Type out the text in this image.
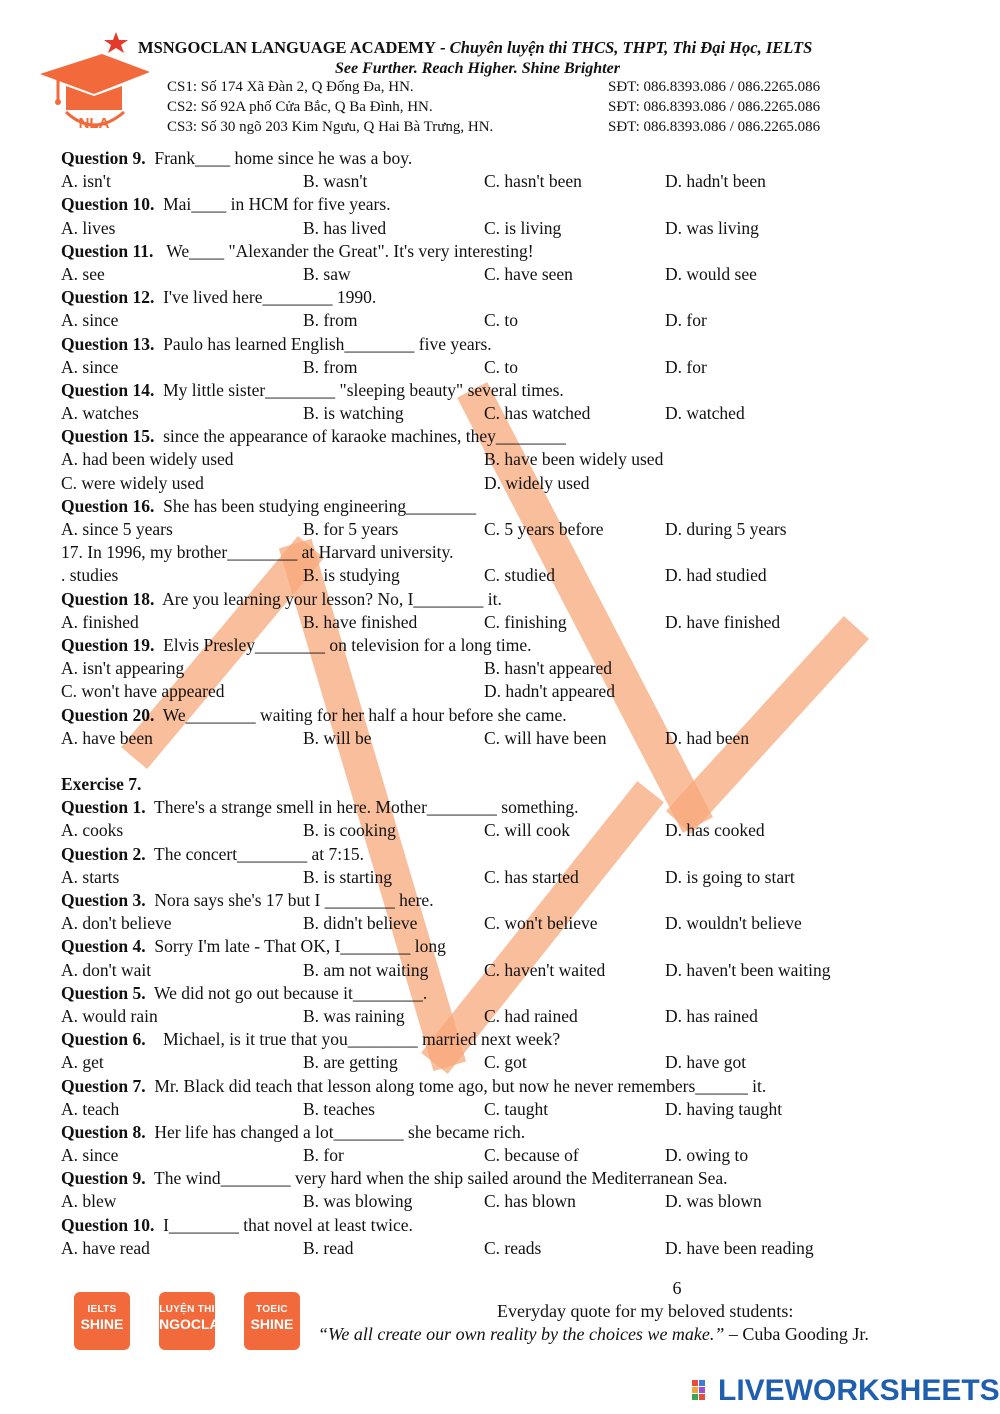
NLA
MSNGOCLAN LANGUAGE ACADEMY - Chuyên luyện thi THCS, THPT, Thi Đại Học, IELTS
See Further. Reach Higher. Shine Brighter
CS1: Số 174 Xã Đàn 2, Q Đống Đa, HN.	SĐT: 086.8393.086 / 086.2265.086
CS2: Số 92A phố Cửa Bắc, Q Ba Đình, HN.	SĐT: 086.8393.086 / 086.2265.086
CS3: Số 30 ngõ 203 Kim Ngưu, Q Hai Bà Trưng, HN.	SĐT: 086.8393.086 / 086.2265.086
Question 9. Frank____ home since he was a boy.
A. isn't	B. wasn't	C. hasn't been	D. hadn't been
Question 10. Mai____ in HCM for five years.
A. lives	B. has lived	C. is living	D. was living
Question 11.   We____ "Alexander the Great". It's very interesting!
A. see	B. saw	C. have seen	D. would see
Question 12. I've lived here________ 1990.
A. since	B. from	C. to	D. for
Question 13. Paulo has learned English________ five years.
A. since	B. from	C. to	D. for
Question 14. My little sister________ "sleeping beauty" several times.
A. watches	B. is watching	C. has watched	D. watched
Question 15. since the appearance of karaoke machines, they________
A. had been widely used	B. have been widely used
C. were widely used	D. widely used
Question 16. She has been studying engineering________
A. since 5 years	B. for 5 years	C. 5 years before	D. during 5 years
17. In 1996, my brother________ at Harvard university.
. studies	B. is studying	C. studied	D. had studied
Question 18. Are you learning your lesson? No, I________ it.
A. finished	B. have finished	C. finishing	D. have finished
Question 19. Elvis Presley________ on television for a long time.
A. isn't appearing	B. hasn't appeared
C. won't have appeared	D. hadn't appeared
Question 20. We________ waiting for her half a hour before she came.
A. have been	B. will be	C. will have been	D. had been
Exercise 7.
Question 1. There's a strange smell in here. Mother________ something.
A. cooks	B. is cooking	C. will cook	D. has cooked
Question 2. The concert________ at 7:15.
A. starts	B. is starting	C. has started	D. is going to start
Question 3. Nora says she's 17 but I ________ here.
A. don't believe	B. didn't believe	C. won't believe	D. wouldn't believe
Question 4. Sorry I'm late - That OK, I________ long
A. don't wait	B. am not waiting	C. haven't waited	D. haven't been waiting
Question 5. We did not go out because it________.
A. would rain	B. was raining	C. had rained	D. has rained
Question 6.    Michael, is it true that you________ married next week?
A. get	B. are getting	C. got	D. have got
Question 7. Mr. Black did teach that lesson along tome ago, but now he never remembers______ it.
A. teach	B. teaches	C. taught	D. having taught
Question 8. Her life has changed a lot________ she became rich.
A. since	B. for	C. because of	D. owing to
Question 9. The wind________ very hard when the ship sailed around the Mediterranean Sea.
A. blew	B. was blowing	C. has blown	D. was blown
Question 10. I________ that novel at least twice.
A. have read	B. read	C. reads	D. have been reading
6
Everyday quote for my beloved students:
“We all create our own reality by the choices we make.” – Cuba Gooding Jr.
IELTS
SHINE
LUYỆN THI
NGOCLAN
TOEIC
SHINE
LIVEWORKSHEETS
